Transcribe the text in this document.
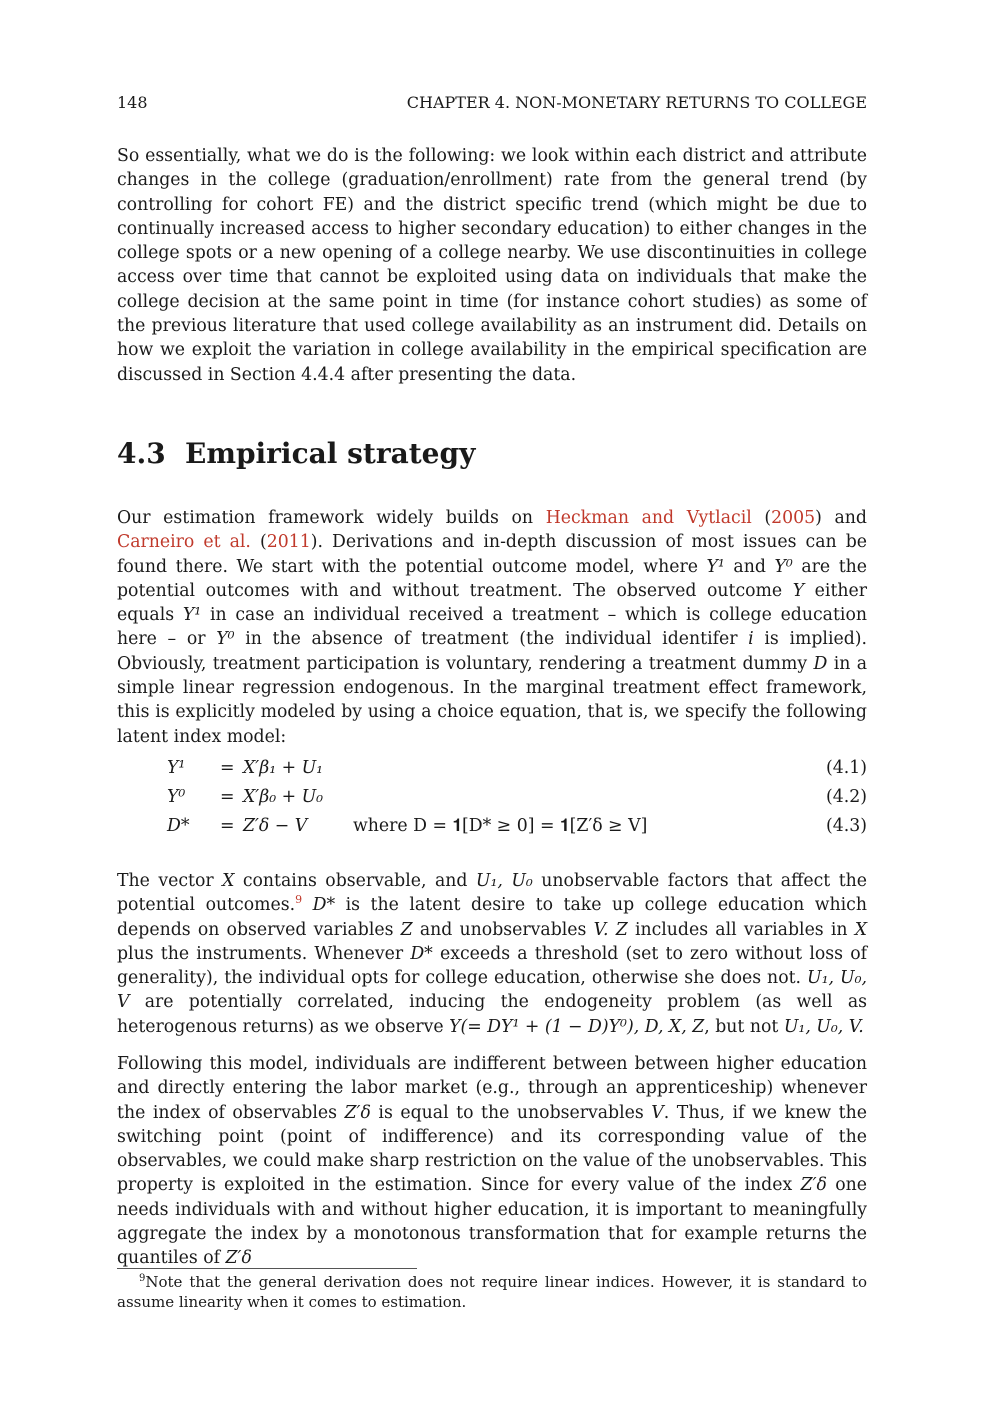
148	CHAPTER 4. NON-MONETARY RETURNS TO COLLEGE

So essentially, what we do is the following: we look within each district and attribute changes in the college (graduation/enrollment) rate from the general trend (by controlling for cohort FE) and the district specific trend (which might be due to continually increased access to higher secondary education) to either changes in the college spots or a new opening of a college nearby. We use discontinuities in college access over time that cannot be exploited using data on individuals that make the college decision at the same point in time (for instance cohort studies) as some of the previous literature that used college availability as an instrument did. Details on how we exploit the variation in college availability in the empirical specification are discussed in Section 4.4.4 after presenting the data.

4.3 Empirical strategy

Our estimation framework widely builds on Heckman and Vytlacil (2005) and Carneiro et al. (2011). Derivations and in-depth discussion of most issues can be found there. We start with the potential outcome model, where Y¹ and Y⁰ are the potential outcomes with and without treatment. The observed outcome Y either equals Y¹ in case an individual received a treatment – which is college education here – or Y⁰ in the absence of treatment (the individual identifer i is implied). Obviously, treatment participation is voluntary, rendering a treatment dummy D in a simple linear regression endogenous. In the marginal treatment effect framework, this is explicitly modeled by using a choice equation, that is, we specify the following latent index model:

Y¹ = X′β₁ + U₁	(4.1)
Y⁰ = X′β₀ + U₀	(4.2)
D* = Z′δ − V	where D = 𝟏[D* ≥ 0] = 𝟏[Z′δ ≥ V]	(4.3)

The vector X contains observable, and U₁, U₀ unobservable factors that affect the potential outcomes.$^9$ D* is the latent desire to take up college education which depends on observed variables Z and unobservables V. Z includes all variables in X plus the instruments. Whenever D* exceeds a threshold (set to zero without loss of generality), the individual opts for college education, otherwise she does not. U₁, U₀, V are potentially correlated, inducing the endogeneity problem (as well as heterogenous returns) as we observe Y(= DY¹ + (1 − D)Y⁰), D, X, Z, but not U₁, U₀, V.

Following this model, individuals are indifferent between between higher education and directly entering the labor market (e.g., through an apprenticeship) whenever the index of observables Z′δ is equal to the unobservables V. Thus, if we knew the switching point (point of indifference) and its corresponding value of the observables, we could make sharp restriction on the value of the unobservables. This property is exploited in the estimation. Since for every value of the index Z′δ one needs individuals with and without higher education, it is important to meaningfully aggregate the index by a monotonous transformation that for example returns the quantiles of Z′δ

$^9$Note that the general derivation does not require linear indices. However, it is standard to assume linearity when it comes to estimation.
